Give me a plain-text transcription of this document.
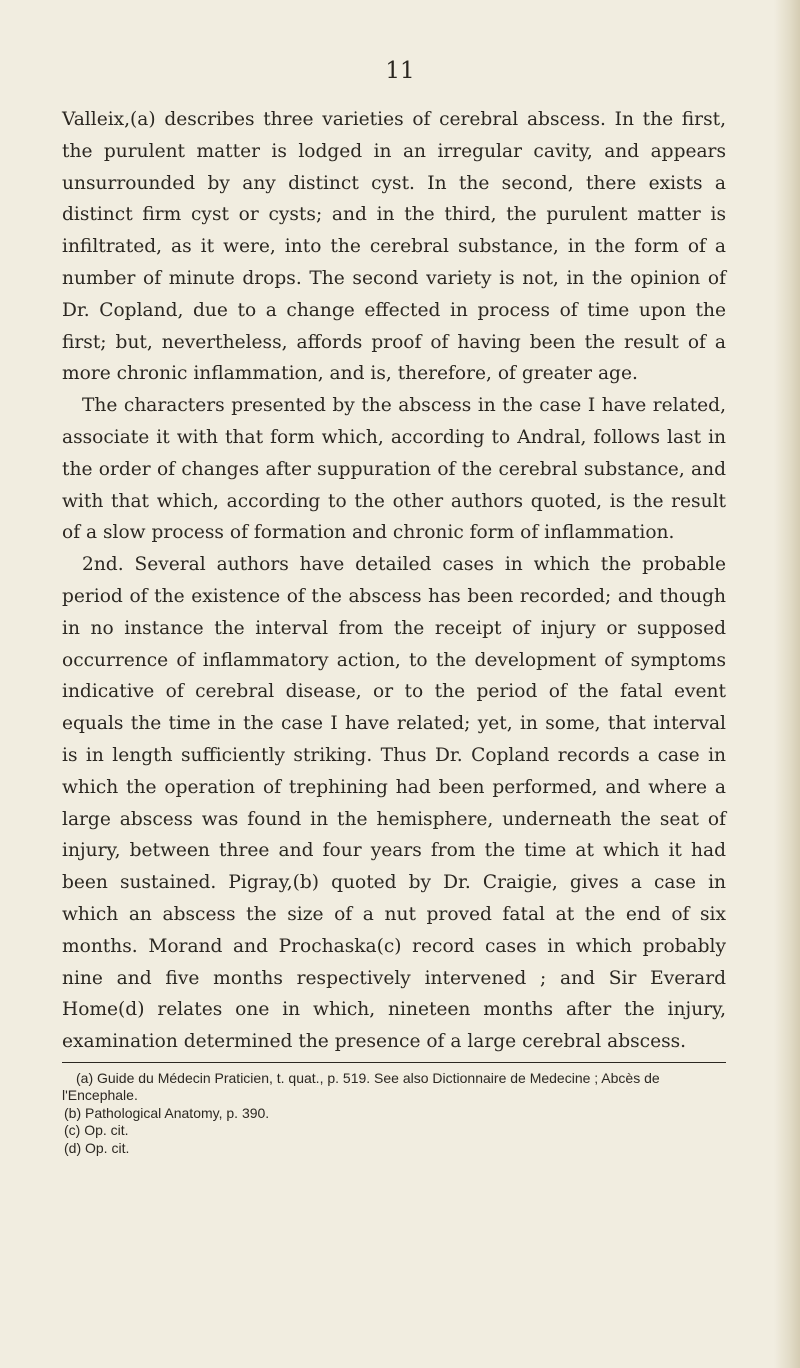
11

Valleix,(a) describes three varieties of cerebral abscess. In the first, the purulent matter is lodged in an irregular cavity, and appears unsurrounded by any distinct cyst. In the second, there exists a distinct firm cyst or cysts; and in the third, the purulent matter is infiltrated, as it were, into the cerebral substance, in the form of a number of minute drops. The second variety is not, in the opinion of Dr. Copland, due to a change effected in process of time upon the first; but, nevertheless, affords proof of having been the result of a more chronic inflammation, and is, therefore, of greater age.

The characters presented by the abscess in the case I have related, associate it with that form which, according to Andral, follows last in the order of changes after suppuration of the cerebral substance, and with that which, according to the other authors quoted, is the result of a slow process of formation and chronic form of inflammation.

2nd. Several authors have detailed cases in which the probable period of the existence of the abscess has been recorded; and though in no instance the interval from the receipt of injury or supposed occurrence of inflammatory action, to the development of symptoms indicative of cerebral disease, or to the period of the fatal event equals the time in the case I have related; yet, in some, that interval is in length sufficiently striking. Thus Dr. Copland records a case in which the operation of trephining had been performed, and where a large abscess was found in the hemisphere, underneath the seat of injury, between three and four years from the time at which it had been sustained. Pigray,(b) quoted by Dr. Craigie, gives a case in which an abscess the size of a nut proved fatal at the end of six months. Morand and Prochaska(c) record cases in which probably nine and five months respectively intervened ; and Sir Everard Home(d) relates one in which, nineteen months after the injury, examination determined the presence of a large cerebral abscess.

(a) Guide du Médecin Praticien, t. quat., p. 519. See also Dictionnaire de Medecine ; Abcès de l'Encephale.

(b) Pathological Anatomy, p. 390.

(c) Op. cit.

(d) Op. cit.
